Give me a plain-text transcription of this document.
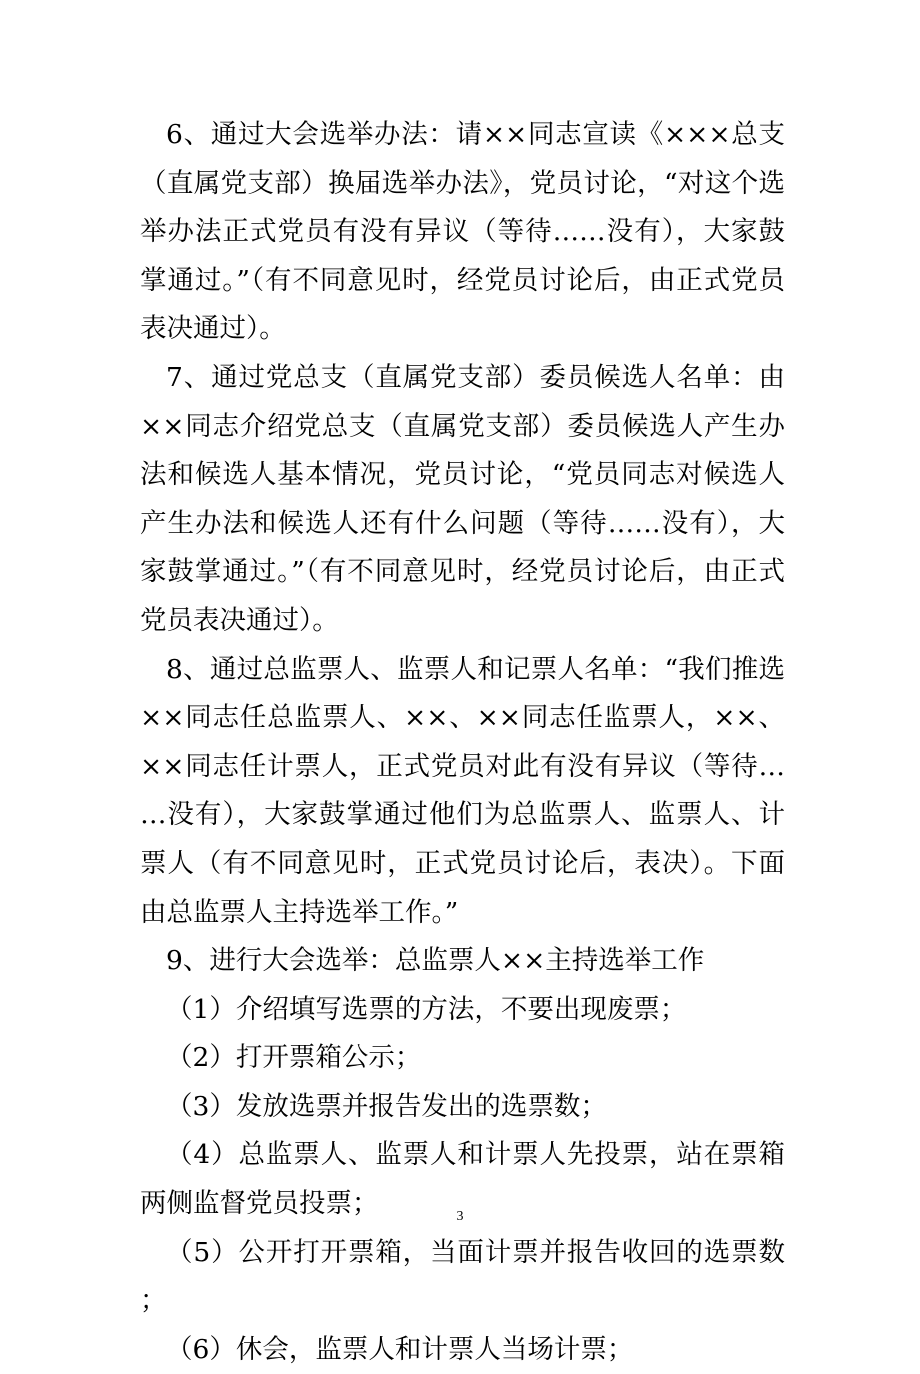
6、通过大会选举办法：请××同志宣读《×××总支（直属党支部）换届选举办法》，党员讨论，“对这个选举办法正式党员有没有异议（等待……没有），大家鼓掌通过。”（有不同意见时，经党员讨论后，由正式党员表决通过）。

7、通过党总支（直属党支部）委员候选人名单：由××同志介绍党总支（直属党支部）委员候选人产生办法和候选人基本情况，党员讨论，“党员同志对候选人产生办法和候选人还有什么问题（等待……没有），大家鼓掌通过。”（有不同意见时，经党员讨论后，由正式党员表决通过）。

8、通过总监票人、监票人和记票人名单：“我们推选××同志任总监票人、××、××同志任监票人，××、××同志任计票人，正式党员对此有没有异议（等待……没有），大家鼓掌通过他们为总监票人、监票人、计票人（有不同意见时，正式党员讨论后，表决）。下面由总监票人主持选举工作。”

9、进行大会选举：总监票人××主持选举工作

（1）介绍填写选票的方法，不要出现废票；

（2）打开票箱公示；

（3）发放选票并报告发出的选票数；

（4）总监票人、监票人和计票人先投票，站在票箱两侧监督党员投票；

（5）公开打开票箱，当面计票并报告收回的选票数；

（6）休会，监票人和计票人当场计票；

3
